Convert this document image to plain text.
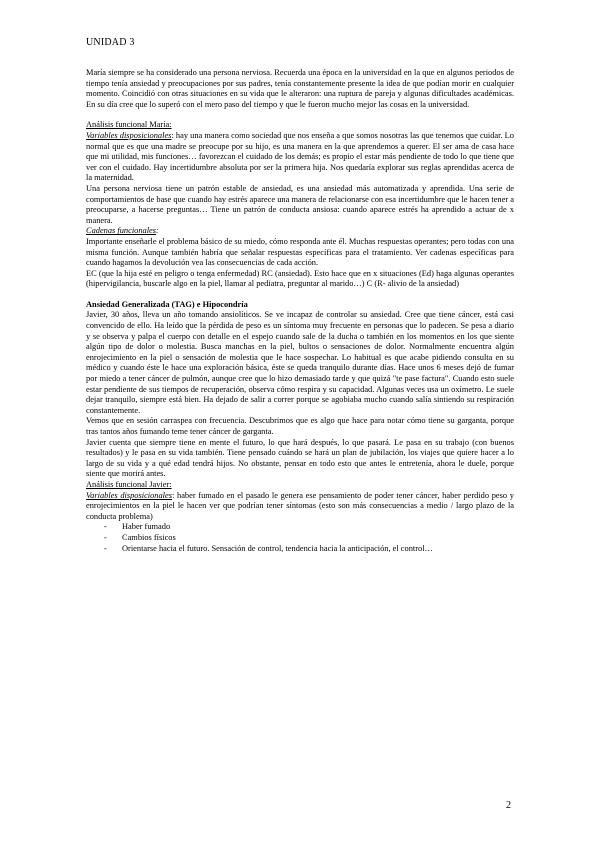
UNIDAD 3

María siempre se ha considerado una persona nerviosa. Recuerda una época en la universidad en la que en algunos periodos de tiempo tenía ansiedad y preocupaciones por sus padres, tenía constantemente presente la idea de que podían morir en cualquier momento. Coincidió con otras situaciones en su vida que le alteraron: una ruptura de pareja y algunas dificultades académicas. En su día cree que lo superó con el mero paso del tiempo y que le fueron mucho mejor las cosas en la universidad.

Análisis funcional María:

Variables disposicionales: hay una manera como sociedad que nos enseña a que somos nosotras las que tenemos que cuidar. Lo normal que es que una madre se preocupe por su hijo, es una manera en la que aprendemos a querer. El ser ama de casa hace que mi utilidad, mis funciones… favorezcan el cuidado de los demás; es propio el estar más pendiente de todo lo que tiene que ver con el cuidado. Hay incertidumbre absoluta por ser la primera hija. Nos quedaría explorar sus reglas aprendidas acerca de la maternidad.

Una persona nerviosa tiene un patrón estable de ansiedad, es una ansiedad más automatizada y aprendida. Una serie de comportamientos de base que cuando hay estrés aparece una manera de relacionarse con esa incertidumbre que le hacen tener a preocuparse, a hacerse preguntas… Tiene un patrón de conducta ansiosa: cuando aparece estrés ha aprendido a actuar de x manera.

Cadenas funcionales:

Importante enseñarle el problema básico de su miedo, cómo responda ante él. Muchas respuestas operantes; pero todas con una misma función. Aunque también habría que señalar respuestas específicas para el tratamiento. Ver cadenas específicas para cuando hagamos la devolución vea las consecuencias de cada acción.

EC (que la hija esté en peligro o tenga enfermedad) RC (ansiedad). Esto hace que en x situaciones (Ed) haga algunas operantes (hipervigilancia, buscarle algo en la piel, llamar al pediatra, preguntar al marido…) C (R- alivio de la ansiedad)

Ansiedad Generalizada (TAG) e Hipocondría

Javier, 30 años, lleva un año tomando ansiolíticos. Se ve incapaz de controlar su ansiedad. Cree que tiene cáncer, está casi convencido de ello. Ha leído que la pérdida de peso es un síntoma muy frecuente en personas que lo padecen. Se pesa a diario y se observa y palpa el cuerpo con detalle en el espejo cuando sale de la ducha o también en los momentos en los que siente algún tipo de dolor o molestia. Busca manchas en la piel, bultos o sensaciones de dolor. Normalmente encuentra algún enrojecimiento en la piel o sensación de molestia que le hace sospechar. Lo habitual es que acabe pidiendo consulta en su médico y cuando éste le hace una exploración básica, éste se queda tranquilo durante días. Hace unos 6 meses dejó de fumar por miedo a tener cáncer de pulmón, aunque cree que lo hizo demasiado tarde y que quizá "te pase factura". Cuando esto suele estar pendiente de sus tiempos de recuperación, observa cómo respira y su capacidad. Algunas veces usa un oxímetro. Le suele dejar tranquilo, siempre está bien. Ha dejado de salir a correr porque se agobiaba mucho cuando salía sintiendo su respiración constantemente.

Vemos que en sesión carraspea con frecuencia. Descubrimos que es algo que hace para notar cómo tiene su garganta, porque tras tantos años fumando teme tener cáncer de garganta.

Javier cuenta que siempre tiene en mente el futuro, lo que hará después, lo que pasará. Le pasa en su trabajo (con buenos resultados) y le pasa en su vida también. Tiene pensado cuándo se hará un plan de jubilación, los viajes que quiere hacer a lo largo de su vida y a qué edad tendrá hijos. No obstante, pensar en todo esto que antes le entretenía, ahora le duele, porque siente que morirá antes.

Análisis funcional Javier:

Variables disposicionales: haber fumado en el pasado le genera ese pensamiento de poder tener cáncer, haber perdido peso y enrojecimientos en la piel le hacen ver que podrían tener síntomas (esto son más consecuencias a medio / largo plazo de la conducta problema)

- Haber fumado
- Cambios físicos
- Orientarse hacia el futuro. Sensación de control, tendencia hacia la anticipación, el control…
2
